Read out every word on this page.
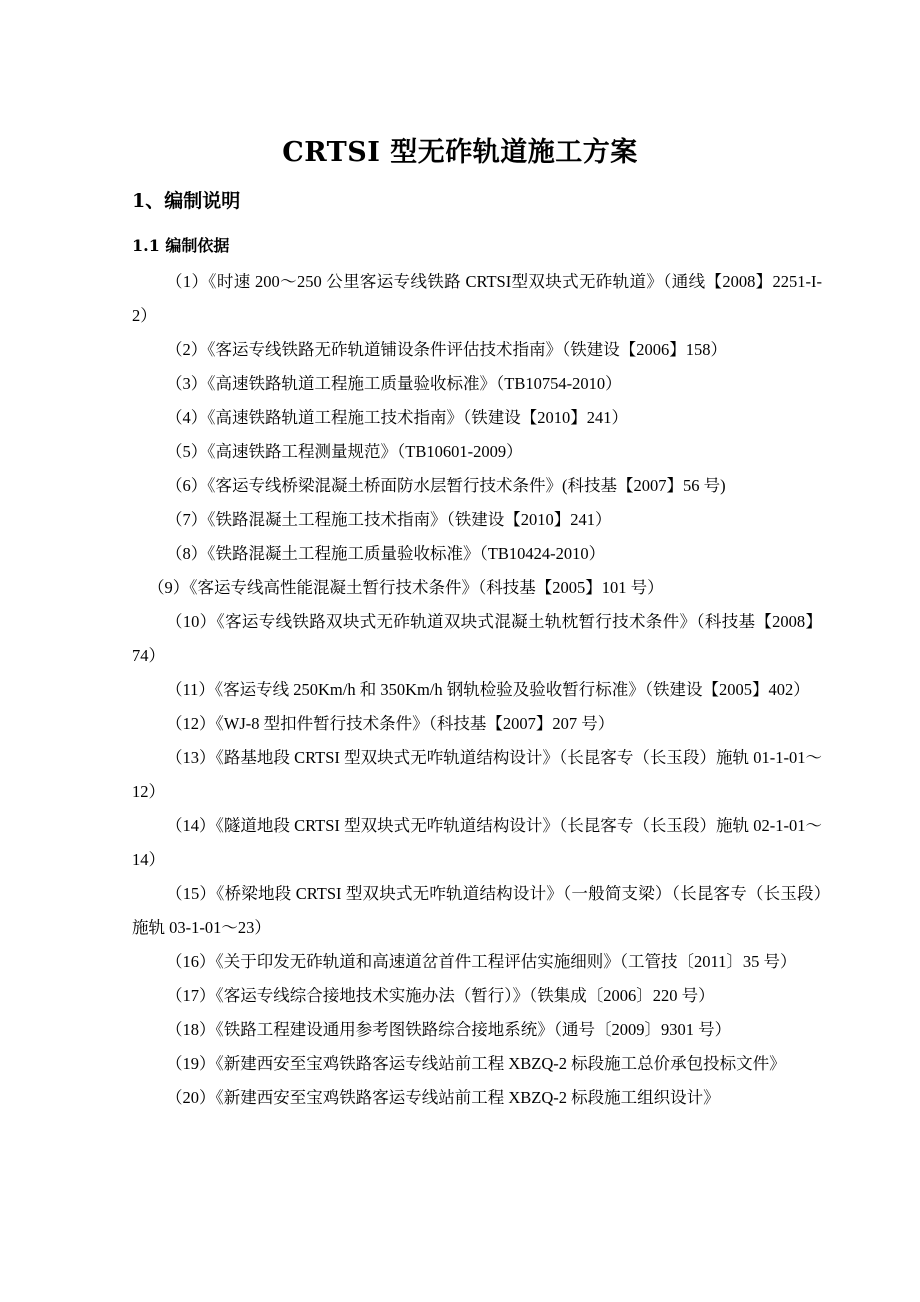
CRTSI 型无砟轨道施工方案
1、编制说明
1.1 编制依据
（1）《时速 200～250 公里客运专线铁路 CRTSI型双块式无砟轨道》（通线【2008】2251-I-2）
（2）《客运专线铁路无砟轨道铺设条件评估技术指南》（铁建设【2006】158）
（3）《高速铁路轨道工程施工质量验收标准》（TB10754-2010）
（4）《高速铁路轨道工程施工技术指南》（铁建设【2010】241）
（5）《高速铁路工程测量规范》（TB10601-2009）
（6）《客运专线桥梁混凝土桥面防水层暂行技术条件》(科技基【2007】56 号)
（7）《铁路混凝土工程施工技术指南》（铁建设【2010】241）
（8）《铁路混凝土工程施工质量验收标准》（TB10424-2010）
（9）《客运专线高性能混凝土暂行技术条件》（科技基【2005】101 号）
（10）《客运专线铁路双块式无砟轨道双块式混凝土轨枕暂行技术条件》（科技基【2008】74）
（11）《客运专线 250Km/h 和 350Km/h 钢轨检验及验收暂行标准》（铁建设【2005】402）
（12）《WJ-8 型扣件暂行技术条件》（科技基【2007】207 号）
（13）《路基地段 CRTSI 型双块式无咋轨道结构设计》（长昆客专（长玉段）施轨 01-1-01～12）
（14）《隧道地段 CRTSI 型双块式无咋轨道结构设计》（长昆客专（长玉段）施轨 02-1-01～14）
（15）《桥梁地段 CRTSI 型双块式无咋轨道结构设计》（一般简支梁）（长昆客专（长玉段）施轨 03-1-01～23）
（16）《关于印发无砟轨道和高速道岔首件工程评估实施细则》（工管技〔2011〕35 号）
（17）《客运专线综合接地技术实施办法（暂行）》（铁集成〔2006〕220 号）
（18）《铁路工程建设通用参考图铁路综合接地系统》（通号〔2009〕9301 号）
（19）《新建西安至宝鸡铁路客运专线站前工程 XBZQ-2 标段施工总价承包投标文件》
（20）《新建西安至宝鸡铁路客运专线站前工程 XBZQ-2 标段施工组织设计》
